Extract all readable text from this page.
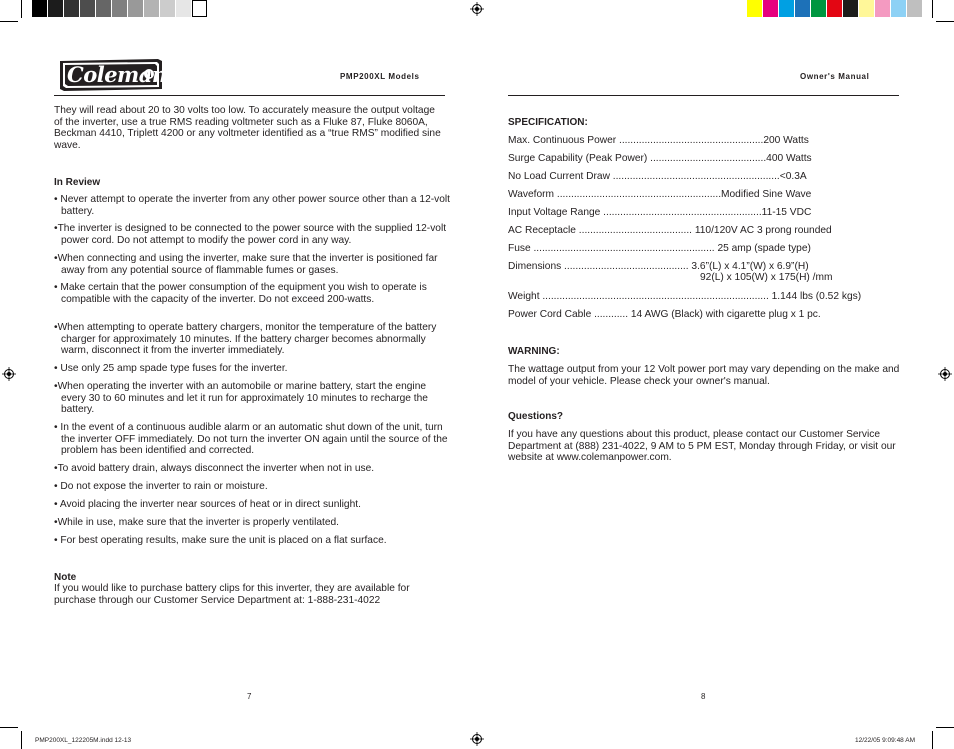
Coleman	PMP200XL Models	Owner's Manual

They will read about 20 to 30 volts too low. To accurately measure the output voltage of the inverter, use a true RMS reading voltmeter such as a Fluke 87, Fluke 8060A, Beckman 4410, Triplett 4200 or any voltmeter identified as a “true RMS” modified sine wave.

In Review

• Never attempt to operate the inverter from any other power source other than a 12-volt battery.

•The inverter is designed to be connected to the power source with the supplied 12-volt power cord. Do not attempt to modify the power cord in any way.

•When connecting and using the inverter, make sure that the inverter is positioned far away from any potential source of flammable fumes or gases.

• Make certain that the power consumption of the equipment you wish to operate is compatible with the capacity of the inverter. Do not exceed 200-watts.

•When attempting to operate battery chargers, monitor the temperature of the battery charger for approximately 10 minutes. If the battery charger becomes abnormally warm, disconnect it from the inverter immediately.

• Use only 25 amp spade type fuses for the inverter.

•When operating the inverter with an automobile or marine battery, start the engine every 30 to 60 minutes and let it run for approximately 10 minutes to recharge the battery.

• In the event of a continuous audible alarm or an automatic shut down of the unit, turn the inverter OFF immediately. Do not turn the inverter ON again until the source of the problem has been identified and corrected.

•To avoid battery drain, always disconnect the inverter when not in use.

• Do not expose the inverter to rain or moisture.

• Avoid placing the inverter near sources of heat or in direct sunlight.

•While in use, make sure that the inverter is properly ventilated.

• For best operating results, make sure the unit is placed on a flat surface.

Note

If you would like to purchase battery clips for this inverter, they are available for purchase through our Customer Service Department at: 1-888-231-4022

7

SPECIFICATION:

Max. Continuous Power ...................................................200 Watts

Surge Capability (Peak Power) .........................................400 Watts

No Load Current Draw ...........................................................<0.3A

Waveform ..........................................................Modified Sine Wave

Input Voltage Range ........................................................11-15 VDC

AC Receptacle ........................................ 110/120V AC 3 prong rounded

Fuse ................................................................ 25 amp (spade type)

Dimensions ............................................ 3.6”(L) x 4.1”(W) x 6.9”(H)

92(L) x 105(W) x 175(H) /mm

Weight ................................................................................ 1.144 lbs (0.52 kgs)

Power Cord Cable ............ 14 AWG (Black) with cigarette plug x 1 pc.

WARNING:

The wattage output from your 12 Volt power port may vary depending on the make and model of your vehicle. Please check your owner's manual.

Questions?

If you have any questions about this product, please contact our Customer Service Department at (888) 231-4022, 9 AM to 5 PM EST, Monday through Friday, or visit our website at www.colemanpower.com.

8
PMP200XL_122205M.indd 12-13	12/22/05 9:09:48 AM
